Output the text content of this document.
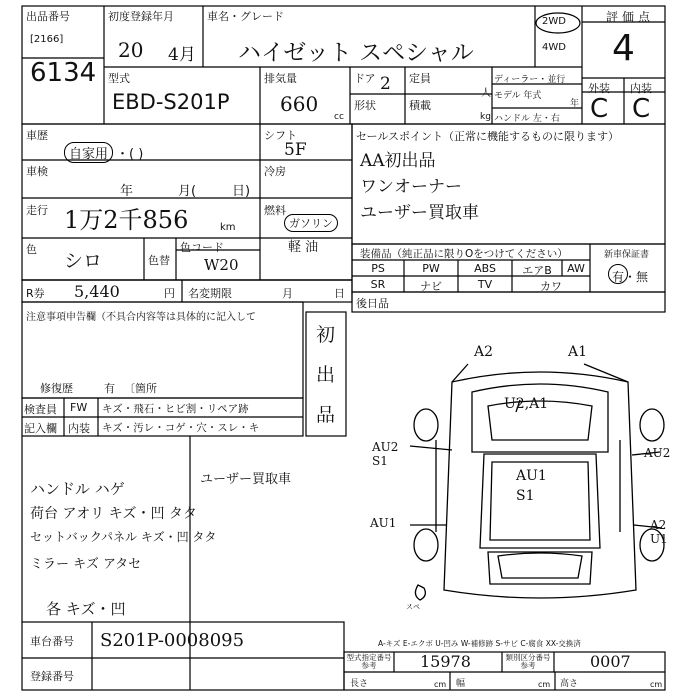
出品番号
[2166]
6134
初度登録年月
20 4月
車名・グレード
ハイゼット スペシャル
2WD
4WD
評価点
4
型式
EBD-S201P
排気量
660
cc
ドア 2 定員
人
形状	積載
kg
ディーラー・並行
モデル 年式
年
ハンドル 左・右
外装 内装
C C
車歴
自家用 ・( )
シフト
5F
車検
年	月(	日)
冷房
走行 1万2千856	km
燃料
ガソリン
軽 油
色
シロ	色替
色コード
W20
R券 5,440	円 名変期限	月	日
注意事項申告欄（不具合内容等は具体的に記入して
修復歴	有 〔箇所
初
出
品
検査員 FW キズ・飛石・ヒビ割・リペア跡
記入欄 内装 キズ・汚レ・コゲ・穴・スレ・キ
セールスポイント（正常に機能するものに限ります）
AA初出品
ワンオーナー
ユーザー買取車
装備品（純正品に限りOをつけてください）
PS	PW	ABS	エアB	AW
SR	ナビ	TV	カワ
新車保証書
有・無
後日品
ユーザー買取車
ハンドル ハゲ
荷台 アオリ キズ・凹 タタ
セットバックパネル キズ・凹 タタ
ミラー キズ アタセ
各 キズ・凹
A2	A1
U2,A1
AU2 S1
AU2
AU1 S1
AU1	A2 U1
スペ
A-キズ E-エクボ U-凹み W-補修跡 S-サビ C-腐食 XX-交換済
車台番号 S201P-0008095
登録番号
型式指定番号 参考	15978	類別区分番号 参考	0007
長さ	cm 幅	cm 高さ	cm
